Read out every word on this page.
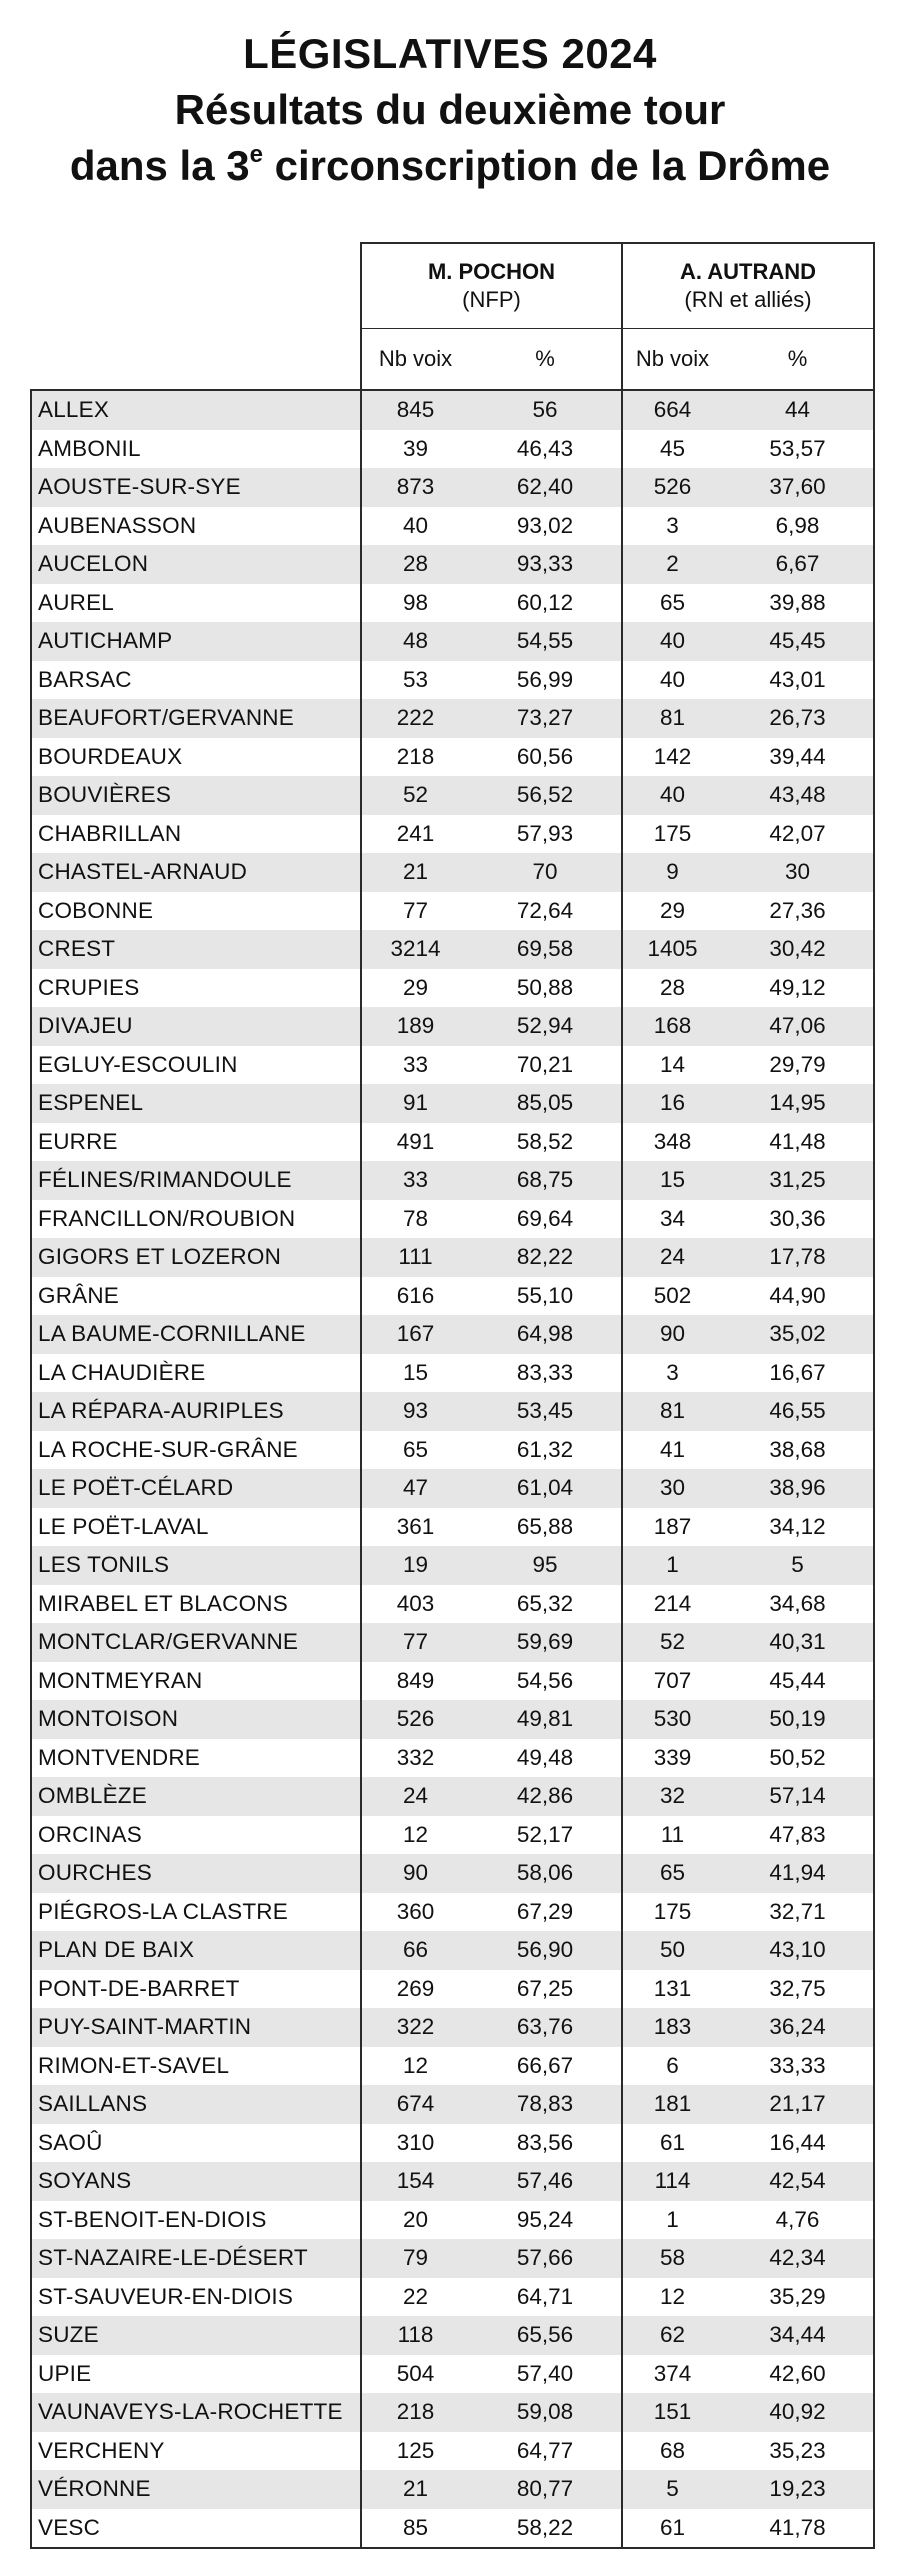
LÉGISLATIVES 2024
Résultats du deuxième tour
dans la 3e circonscription de la Drôme

	M. POCHON
(NFP)		A. AUTRAND
(RN et alliés)	

	Nb voix	%	Nb voix	%
ALLEX	845	56	664	44
AMBONIL	39	46,43	45	53,57
AOUSTE-SUR-SYE	873	62,40	526	37,60
AUBENASSON	40	93,02	3	6,98
AUCELON	28	93,33	2	6,67
AUREL	98	60,12	65	39,88
AUTICHAMP	48	54,55	40	45,45
BARSAC	53	56,99	40	43,01
BEAUFORT/GERVANNE	222	73,27	81	26,73
BOURDEAUX	218	60,56	142	39,44
BOUVIÈRES	52	56,52	40	43,48
CHABRILLAN	241	57,93	175	42,07
CHASTEL-ARNAUD	21	70	9	30
COBONNE	77	72,64	29	27,36
CREST	3214	69,58	1405	30,42
CRUPIES	29	50,88	28	49,12
DIVAJEU	189	52,94	168	47,06
EGLUY-ESCOULIN	33	70,21	14	29,79
ESPENEL	91	85,05	16	14,95
EURRE	491	58,52	348	41,48
FÉLINES/RIMANDOULE	33	68,75	15	31,25
FRANCILLON/ROUBION	78	69,64	34	30,36
GIGORS ET LOZERON	111	82,22	24	17,78
GRÂNE	616	55,10	502	44,90
LA BAUME-CORNILLANE	167	64,98	90	35,02
LA CHAUDIÈRE	15	83,33	3	16,67
LA RÉPARA-AURIPLES	93	53,45	81	46,55
LA ROCHE-SUR-GRÂNE	65	61,32	41	38,68
LE POËT-CÉLARD	47	61,04	30	38,96
LE POËT-LAVAL	361	65,88	187	34,12
LES TONILS	19	95	1	5
MIRABEL ET BLACONS	403	65,32	214	34,68
MONTCLAR/GERVANNE	77	59,69	52	40,31
MONTMEYRAN	849	54,56	707	45,44
MONTOISON	526	49,81	530	50,19
MONTVENDRE	332	49,48	339	50,52
OMBLÈZE	24	42,86	32	57,14
ORCINAS	12	52,17	11	47,83
OURCHES	90	58,06	65	41,94
PIÉGROS-LA CLASTRE	360	67,29	175	32,71
PLAN DE BAIX	66	56,90	50	43,10
PONT-DE-BARRET	269	67,25	131	32,75
PUY-SAINT-MARTIN	322	63,76	183	36,24
RIMON-ET-SAVEL	12	66,67	6	33,33
SAILLANS	674	78,83	181	21,17
SAOÛ	310	83,56	61	16,44
SOYANS	154	57,46	114	42,54
ST-BENOIT-EN-DIOIS	20	95,24	1	4,76
ST-NAZAIRE-LE-DÉSERT	79	57,66	58	42,34
ST-SAUVEUR-EN-DIOIS	22	64,71	12	35,29
SUZE	118	65,56	62	34,44
UPIE	504	57,40	374	42,60
VAUNAVEYS-LA-ROCHETTE	218	59,08	151	40,92
VERCHENY	125	64,77	68	35,23
VÉRONNE	21	80,77	5	19,23
VESC	85	58,22	61	41,78
